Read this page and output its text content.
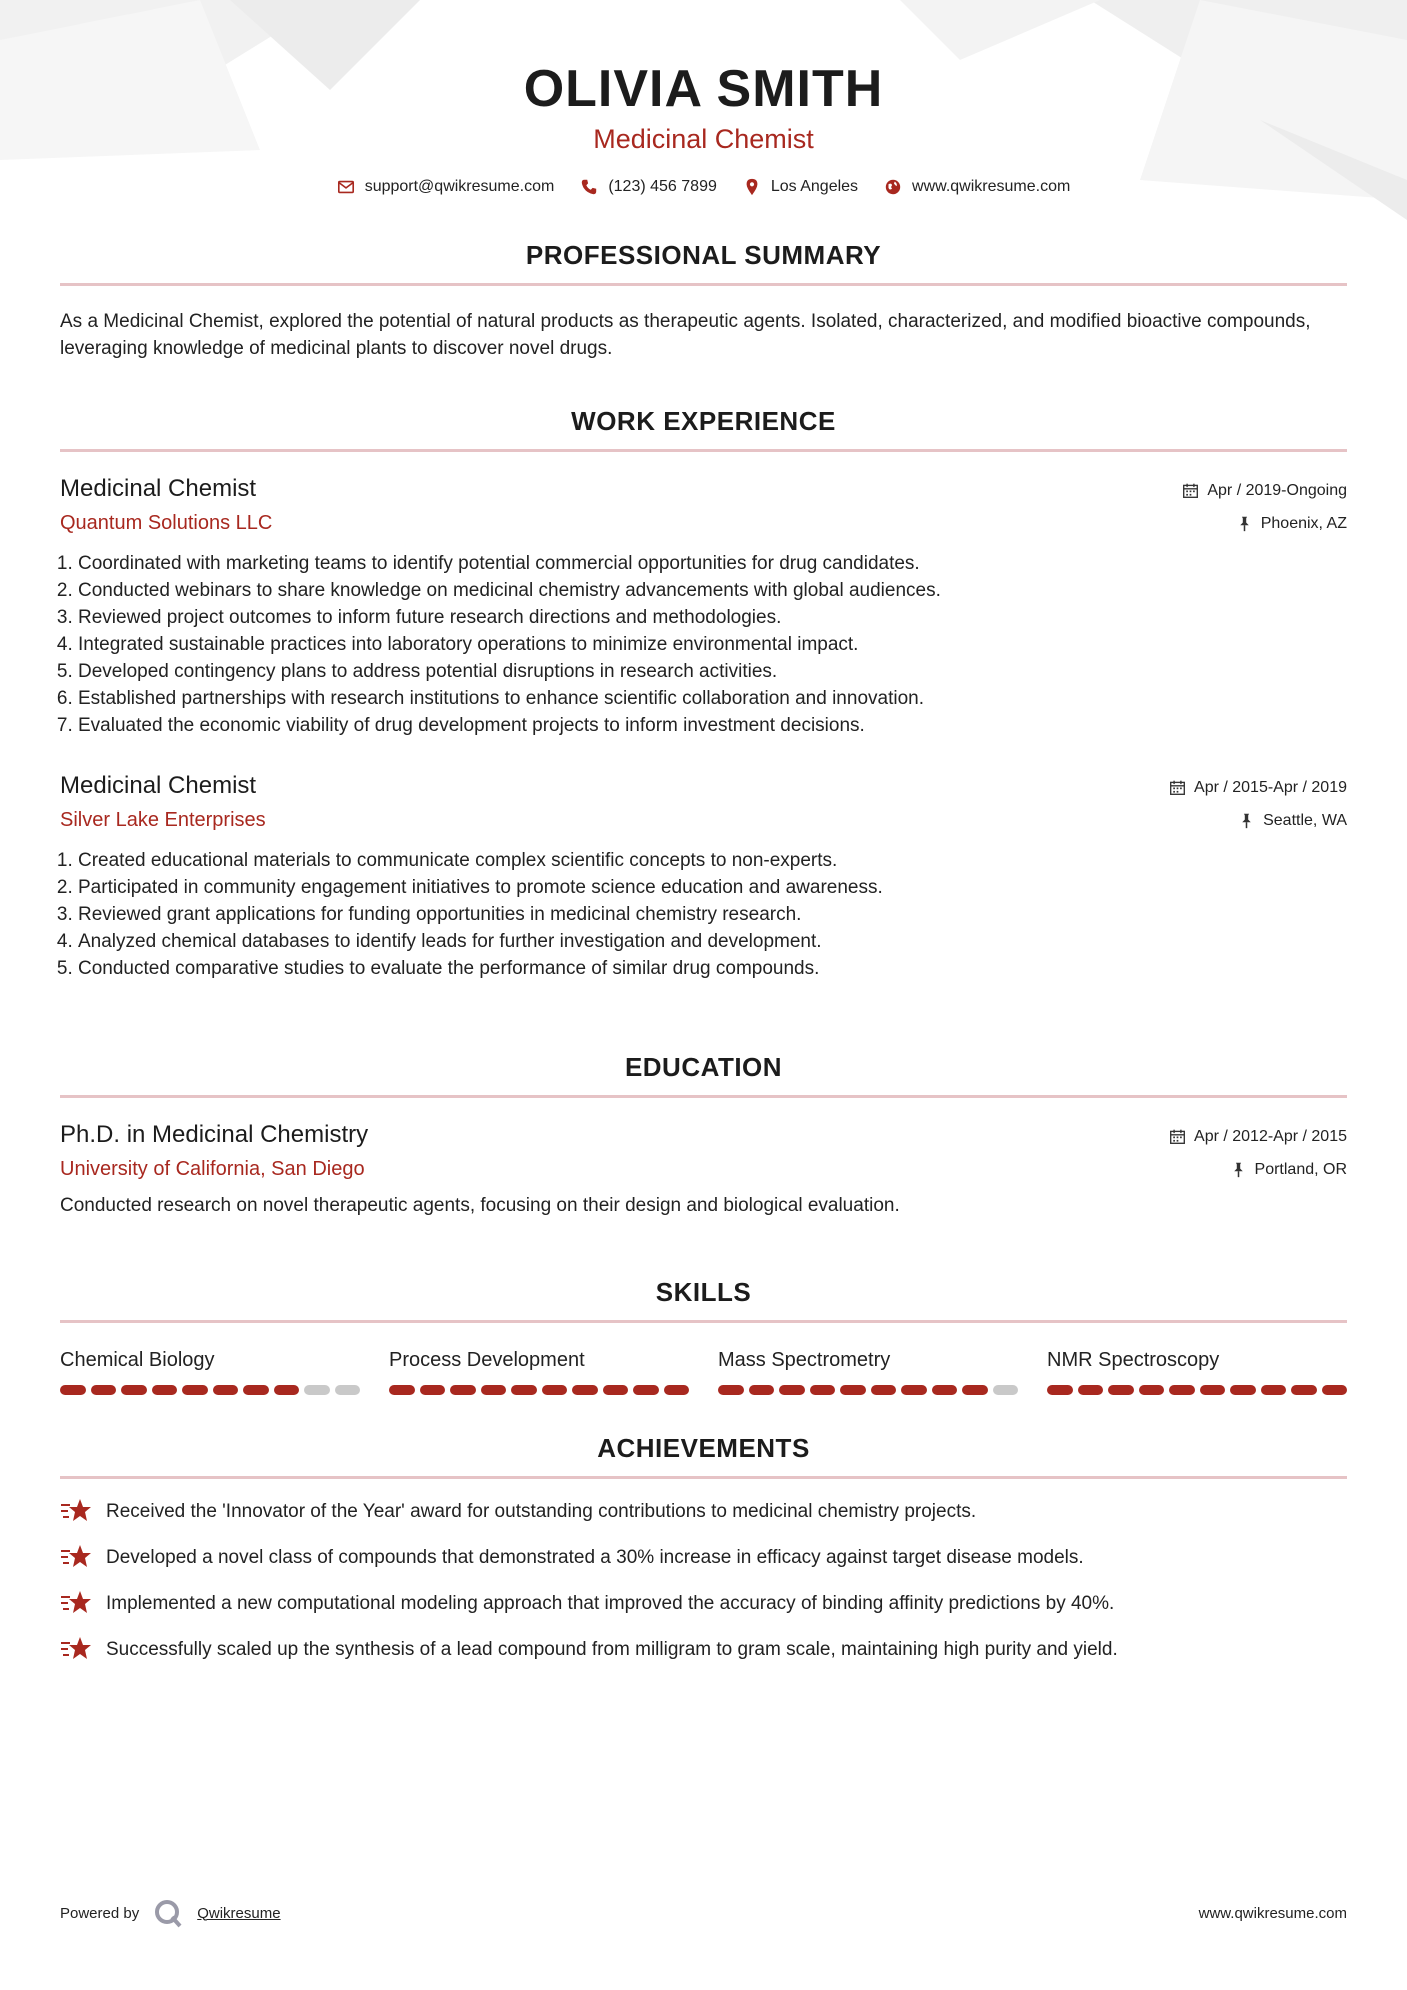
OLIVIA SMITH
Medicinal Chemist
support@qwikresume.com	(123) 456 7899	Los Angeles	www.qwikresume.com
PROFESSIONAL SUMMARY
As a Medicinal Chemist, explored the potential of natural products as therapeutic agents. Isolated, characterized, and modified bioactive compounds, leveraging knowledge of medicinal plants to discover novel drugs.
WORK EXPERIENCE
Medicinal Chemist
Quantum Solutions LLC
Apr / 2019-Ongoing
Phoenix, AZ
1. Coordinated with marketing teams to identify potential commercial opportunities for drug candidates.
2. Conducted webinars to share knowledge on medicinal chemistry advancements with global audiences.
3. Reviewed project outcomes to inform future research directions and methodologies.
4. Integrated sustainable practices into laboratory operations to minimize environmental impact.
5. Developed contingency plans to address potential disruptions in research activities.
6. Established partnerships with research institutions to enhance scientific collaboration and innovation.
7. Evaluated the economic viability of drug development projects to inform investment decisions.
Medicinal Chemist
Silver Lake Enterprises
Apr / 2015-Apr / 2019
Seattle, WA
1. Created educational materials to communicate complex scientific concepts to non-experts.
2. Participated in community engagement initiatives to promote science education and awareness.
3. Reviewed grant applications for funding opportunities in medicinal chemistry research.
4. Analyzed chemical databases to identify leads for further investigation and development.
5. Conducted comparative studies to evaluate the performance of similar drug compounds.
EDUCATION
Ph.D. in Medicinal Chemistry
University of California, San Diego
Apr / 2012-Apr / 2015
Portland, OR
Conducted research on novel therapeutic agents, focusing on their design and biological evaluation.
SKILLS
Chemical Biology	Process Development	Mass Spectrometry	NMR Spectroscopy
ACHIEVEMENTS
Received the 'Innovator of the Year' award for outstanding contributions to medicinal chemistry projects.
Developed a novel class of compounds that demonstrated a 30% increase in efficacy against target disease models.
Implemented a new computational modeling approach that improved the accuracy of binding affinity predictions by 40%.
Successfully scaled up the synthesis of a lead compound from milligram to gram scale, maintaining high purity and yield.
Powered by	Qwikresume	www.qwikresume.com
